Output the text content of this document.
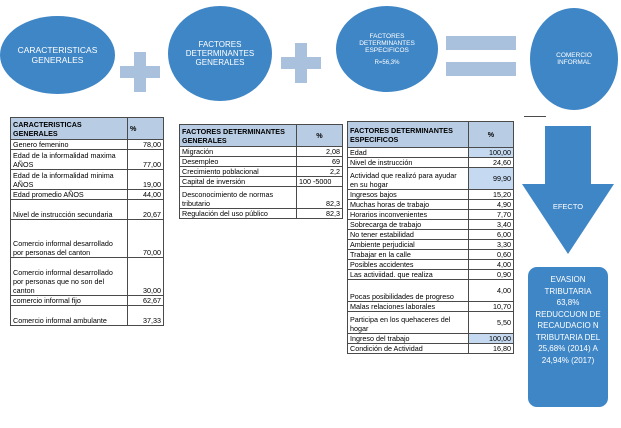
CARACTERISTICAS GENERALES
FACTORES DETERMINANTES GENERALES
FACTORES DETERMINANTES ESPECIFICOS
R=56,3%
COMERCIO INFORMAL
CARACTERISTICAS GENERALES	%
Genero femenino	78,00
Edad de la informalidad maxima AÑOS	77,00
Edad de la informalidad minima AÑOS	19,00
Edad promedio AÑOS	44,00
Nivel de instrucción secundaria	20,67
Comercio informal desarrollado por personas del canton	70,00
Comercio informal desarrollado por personas que no son del canton	30,00
comercio informal fijo	62,67
Comercio informal ambulante	37,33
FACTORES DETERMINANTES GENERALES	%
Migración	2,08
Desempleo	69
Crecimiento poblacional	2,2
Capital de inversión	100 -5000
Desconocimiento de normas tributario	82,3
Regulación del uso público	82,3
FACTORES DETERMINANTES ESPECIFICOS	%
Edad	100,00
Nivel de instrucción	24,60
Actividad que realizó para ayudar en su hogar	99,90
Ingresos bajos	15,20
Muchas horas de trabajo	4,90
Horarios inconvenientes	7,70
Sobrecarga de trabajo	3,40
No tener estabilidad	6,00
Ambiente perjudicial	3,30
Trabajar en la calle	0,60
Posibles accidentes	4,00
Las activiidad. que realiza	0,90
Pocas posibilidades de progreso	4,00
Malas relaciones laborales	10,70
Participa en los quehaceres del hogar	5,50
Ingreso del trabajo	100,00
Condición de Actividad	16,80
EFECTO
EVASION TRIBUTARIA 63,8% REDUCCUON DE RECAUDACIO N TRIBUTARIA DEL 25,68% (2014) A 24,94% (2017)
